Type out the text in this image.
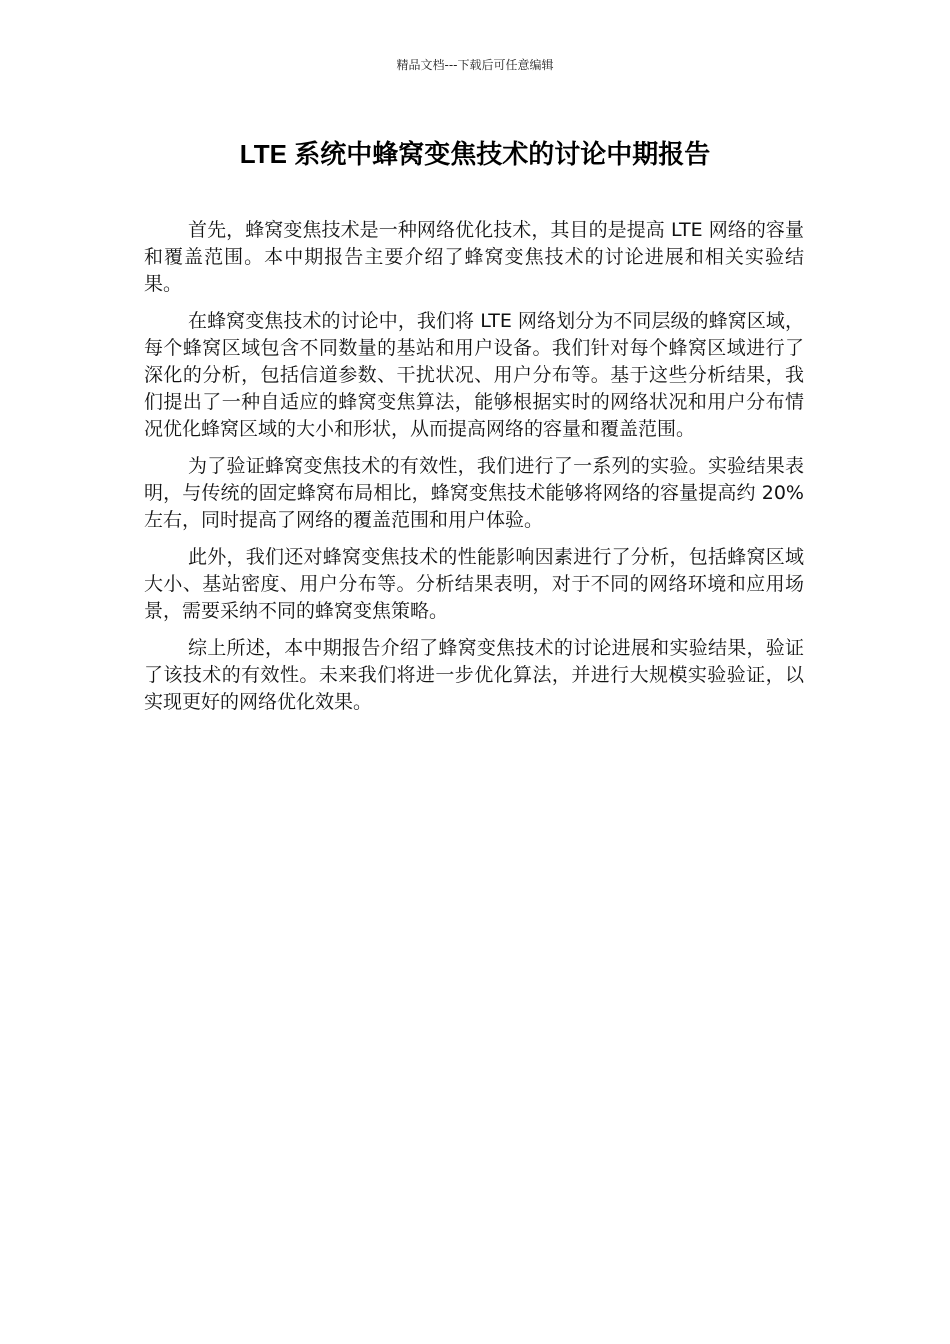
精品文档---下载后可任意编辑
LTE 系统中蜂窝变焦技术的讨论中期报告

首先，蜂窝变焦技术是一种网络优化技术，其目的是提高 LTE 网络的容量和覆盖范围。本中期报告主要介绍了蜂窝变焦技术的讨论进展和相关实验结果。

在蜂窝变焦技术的讨论中，我们将 LTE 网络划分为不同层级的蜂窝区域，每个蜂窝区域包含不同数量的基站和用户设备。我们针对每个蜂窝区域进行了深化的分析，包括信道参数、干扰状况、用户分布等。基于这些分析结果，我们提出了一种自适应的蜂窝变焦算法，能够根据实时的网络状况和用户分布情况优化蜂窝区域的大小和形状，从而提高网络的容量和覆盖范围。

为了验证蜂窝变焦技术的有效性，我们进行了一系列的实验。实验结果表明，与传统的固定蜂窝布局相比，蜂窝变焦技术能够将网络的容量提高约 20%左右，同时提高了网络的覆盖范围和用户体验。

此外，我们还对蜂窝变焦技术的性能影响因素进行了分析，包括蜂窝区域大小、基站密度、用户分布等。分析结果表明，对于不同的网络环境和应用场景，需要采纳不同的蜂窝变焦策略。

综上所述，本中期报告介绍了蜂窝变焦技术的讨论进展和实验结果，验证了该技术的有效性。未来我们将进一步优化算法，并进行大规模实验验证，以实现更好的网络优化效果。
